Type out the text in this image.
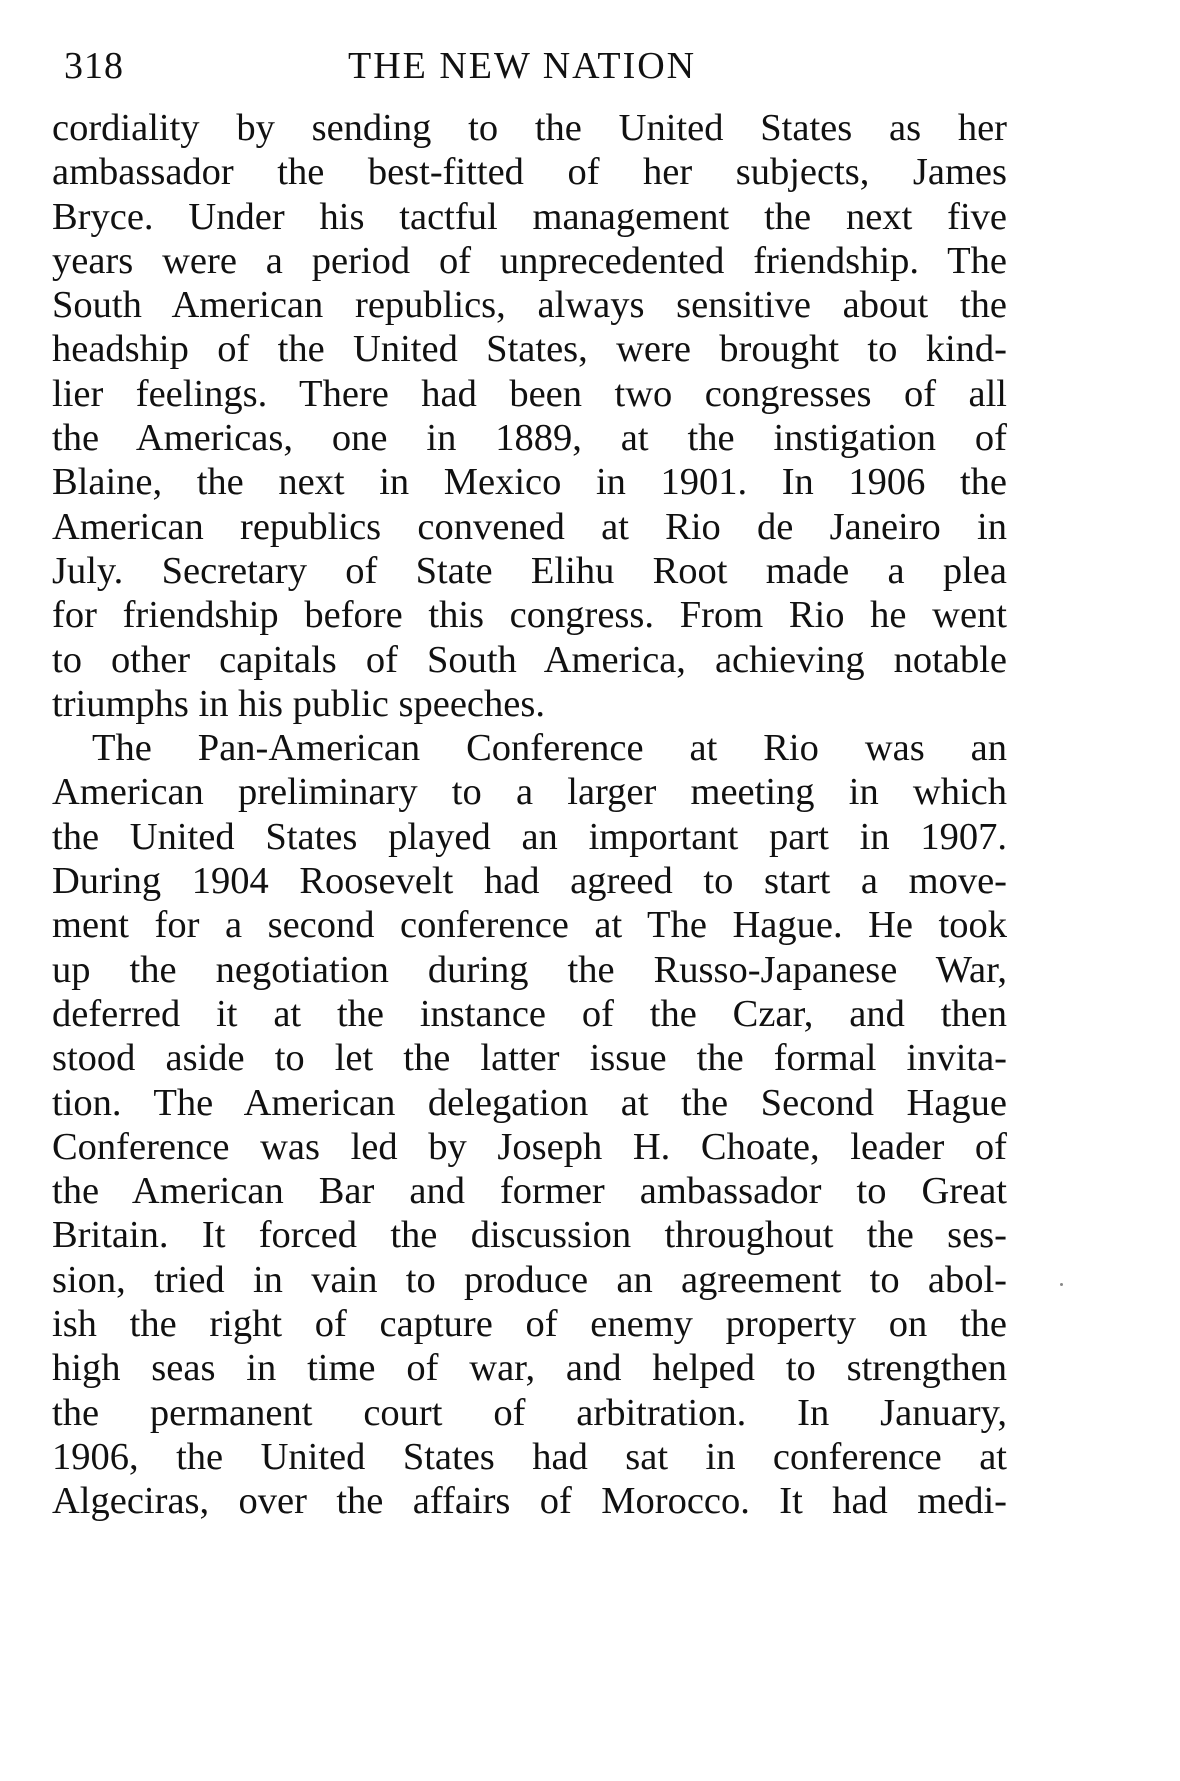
318	THE NEW NATION
cordiality by sending to the United States as her
ambassador the best-fitted of her subjects, James
Bryce. Under his tactful management the next five
years were a period of unprecedented friendship. The
South American republics, always sensitive about the
headship of the United States, were brought to kind-
lier feelings. There had been two congresses of all
the Americas, one in 1889, at the instigation of
Blaine, the next in Mexico in 1901. In 1906 the
American republics convened at Rio de Janeiro in
July. Secretary of State Elihu Root made a plea
for friendship before this congress. From Rio he went
to other capitals of South America, achieving notable
triumphs in his public speeches.
The Pan-American Conference at Rio was an
American preliminary to a larger meeting in which
the United States played an important part in 1907.
During 1904 Roosevelt had agreed to start a move-
ment for a second conference at The Hague. He took
up the negotiation during the Russo-Japanese War,
deferred it at the instance of the Czar, and then
stood aside to let the latter issue the formal invita-
tion. The American delegation at the Second Hague
Conference was led by Joseph H. Choate, leader of
the American Bar and former ambassador to Great
Britain. It forced the discussion throughout the ses-
sion, tried in vain to produce an agreement to abol-
ish the right of capture of enemy property on the
high seas in time of war, and helped to strengthen
the permanent court of arbitration. In January,
1906, the United States had sat in conference at
Algeciras, over the affairs of Morocco. It had medi-
